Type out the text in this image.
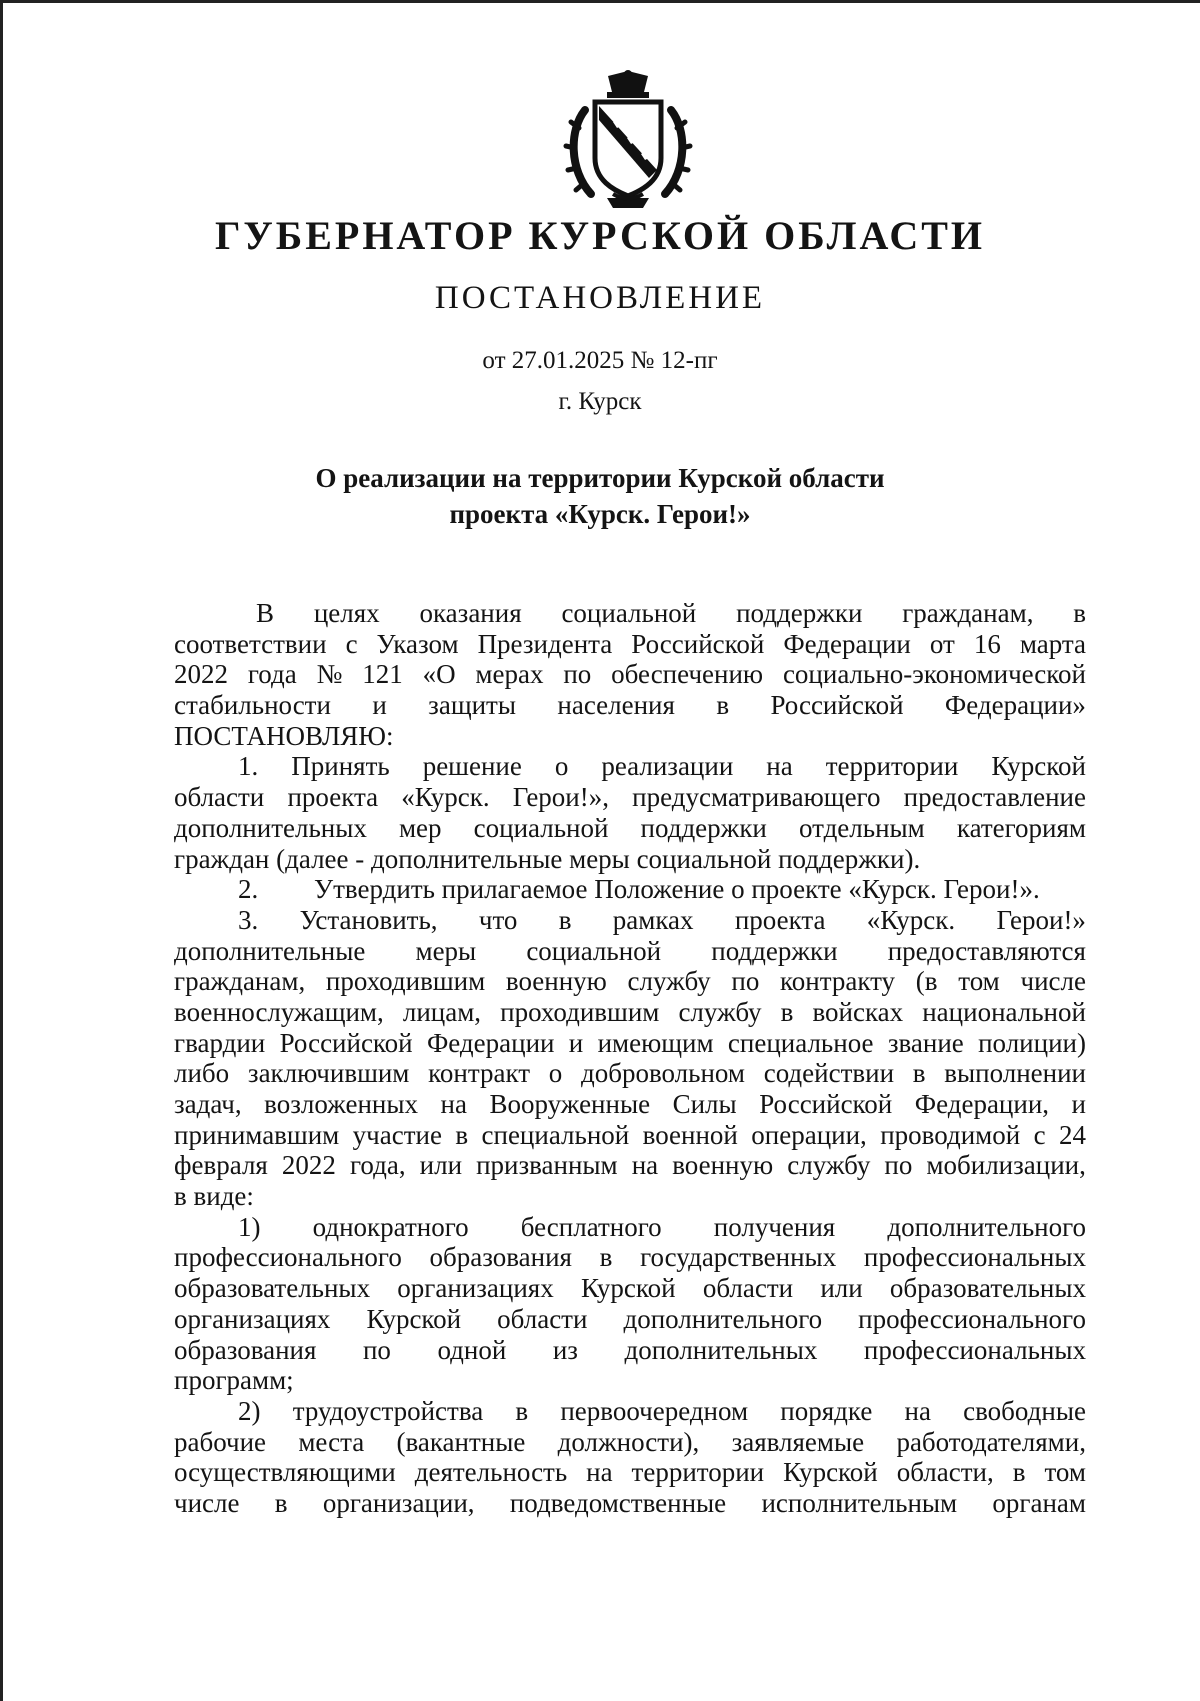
ГУБЕРНАТОР КУРСКОЙ ОБЛАСТИ
ПОСТАНОВЛЕНИЕ
от 27.01.2025 № 12-пг
г. Курск
О реализации на территории Курской области
проекта «Курск. Герои!»
В целях оказания социальной поддержки гражданам, в
соответствии с Указом Президента Российской Федерации от 16 марта
2022 года № 121 «О мерах по обеспечению социально-экономической
стабильности и защиты населения в Российской Федерации»
ПОСТАНОВЛЯЮ:
1. Принять решение о реализации на территории Курской
области проекта «Курск. Герои!», предусматривающего предоставление
дополнительных мер социальной поддержки отдельным категориям
граждан (далее - дополнительные меры социальной поддержки).
2. Утвердить прилагаемое Положение о проекте «Курск. Герои!».
3. Установить, что в рамках проекта «Курск. Герои!»
дополнительные меры социальной поддержки предоставляются
гражданам, проходившим военную службу по контракту (в том числе
военнослужащим, лицам, проходившим службу в войсках национальной
гвардии Российской Федерации и имеющим специальное звание полиции)
либо заключившим контракт о добровольном содействии в выполнении
задач, возложенных на Вооруженные Силы Российской Федерации, и
принимавшим участие в специальной военной операции, проводимой с 24
февраля 2022 года, или призванным на военную службу по мобилизации,
в виде:
1) однократного бесплатного получения дополнительного
профессионального образования в государственных профессиональных
образовательных организациях Курской области или образовательных
организациях Курской области дополнительного профессионального
образования по одной из дополнительных профессиональных
программ;
2) трудоустройства в первоочередном порядке на свободные
рабочие места (вакантные должности), заявляемые работодателями,
осуществляющими деятельность на территории Курской области, в том
числе в организации, подведомственные исполнительным органам
